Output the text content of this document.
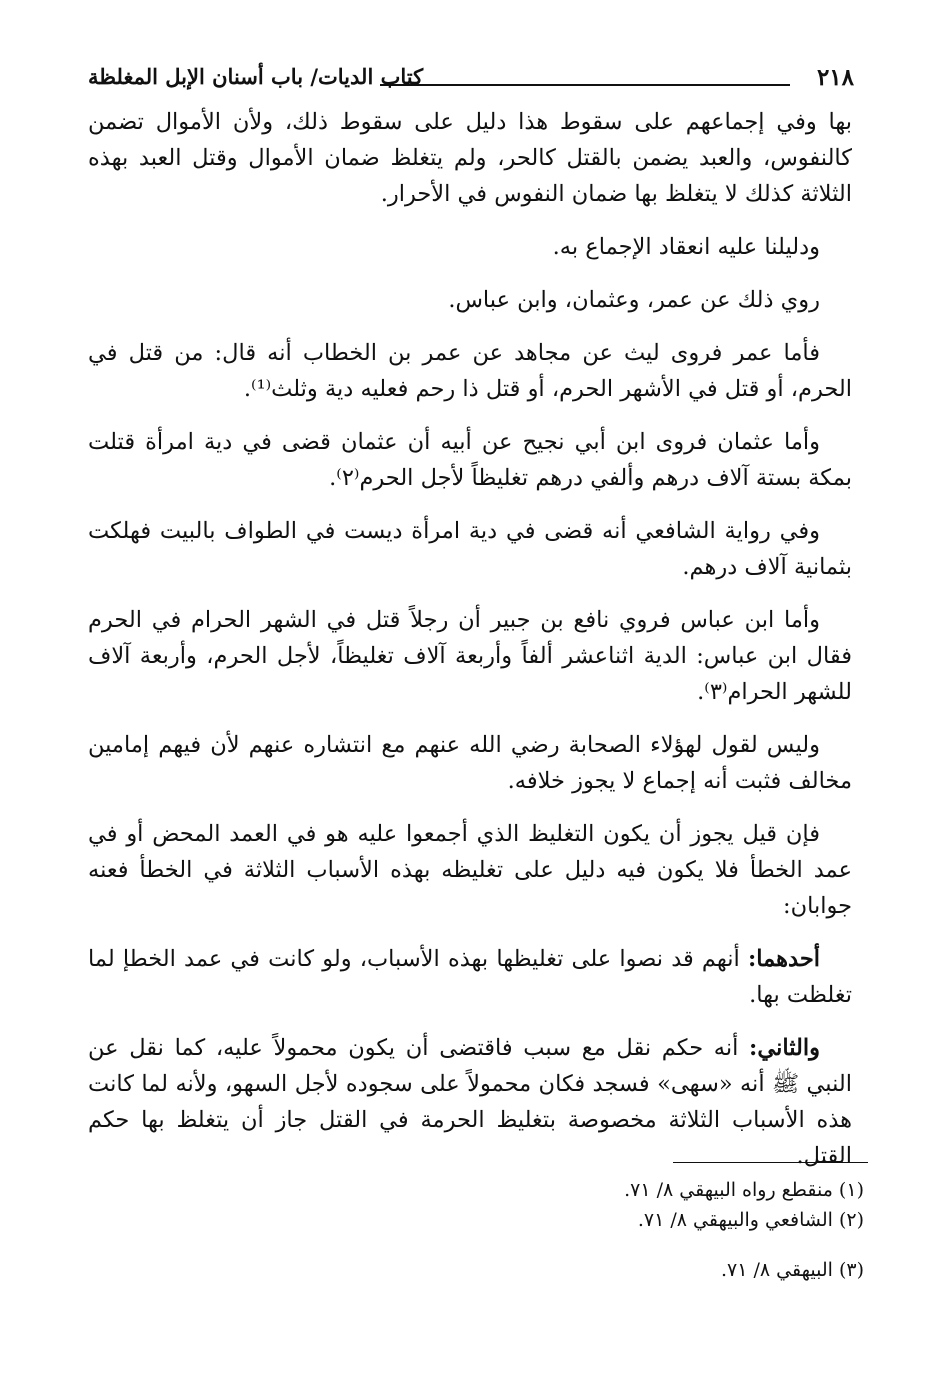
٢١٨
كتاب الديات/ باب أسنان الإبل المغلظة

بها وفي إجماعهم على سقوط هذا دليل على سقوط ذلك، ولأن الأموال تضمن كالنفوس، والعبد يضمن بالقتل كالحر، ولم يتغلظ ضمان الأموال وقتل العبد بهذه الثلاثة كذلك لا يتغلظ بها ضمان النفوس في الأحرار.

ودليلنا عليه انعقاد الإجماع به.

روي ذلك عن عمر، وعثمان، وابن عباس.

فأما عمر فروى ليث عن مجاهد عن عمر بن الخطاب أنه قال: من قتل في الحرم، أو قتل في الأشهر الحرم، أو قتل ذا رحم فعليه دية وثلث⁽¹⁾.

وأما عثمان فروى ابن أبي نجيح عن أبيه أن عثمان قضى في دية امرأة قتلت بمكة بستة آلاف درهم وألفي درهم تغليظاً لأجل الحرم⁽٢⁾.

وفي رواية الشافعي أنه قضى في دية امرأة ديست في الطواف بالبيت فهلكت بثمانية آلاف درهم.

وأما ابن عباس فروي نافع بن جبير أن رجلاً قتل في الشهر الحرام في الحرم فقال ابن عباس: الدية اثناعشر ألفاً وأربعة آلاف تغليظاً، لأجل الحرم، وأربعة آلاف للشهر الحرام⁽٣⁾.

وليس لقول لهؤلاء الصحابة رضي الله عنهم مع انتشاره عنهم لأن فيهم إمامين مخالف فثبت أنه إجماع لا يجوز خلافه.

فإن قيل يجوز أن يكون التغليظ الذي أجمعوا عليه هو في العمد المحض أو في عمد الخطأ فلا يكون فيه دليل على تغليظه بهذه الأسباب الثلاثة في الخطأ فعنه جوابان:

أحدهما: أنهم قد نصوا على تغليظها بهذه الأسباب، ولو كانت في عمد الخطإ لما تغلظت بها.

والثاني: أنه حكم نقل مع سبب فاقتضى أن يكون محمولاً عليه، كما نقل عن النبي ﷺ أنه «سهى» فسجد فكان محمولاً على سجوده لأجل السهو، ولأنه لما كانت هذه الأسباب الثلاثة مخصوصة بتغليظ الحرمة في القتل جاز أن يتغلظ بها حكم القتل.

(١) منقطع رواه البيهقي ٨/ ٧١.
(٢) الشافعي والبيهقي ٨/ ٧١.
(٣) البيهقي ٨/ ٧١.
